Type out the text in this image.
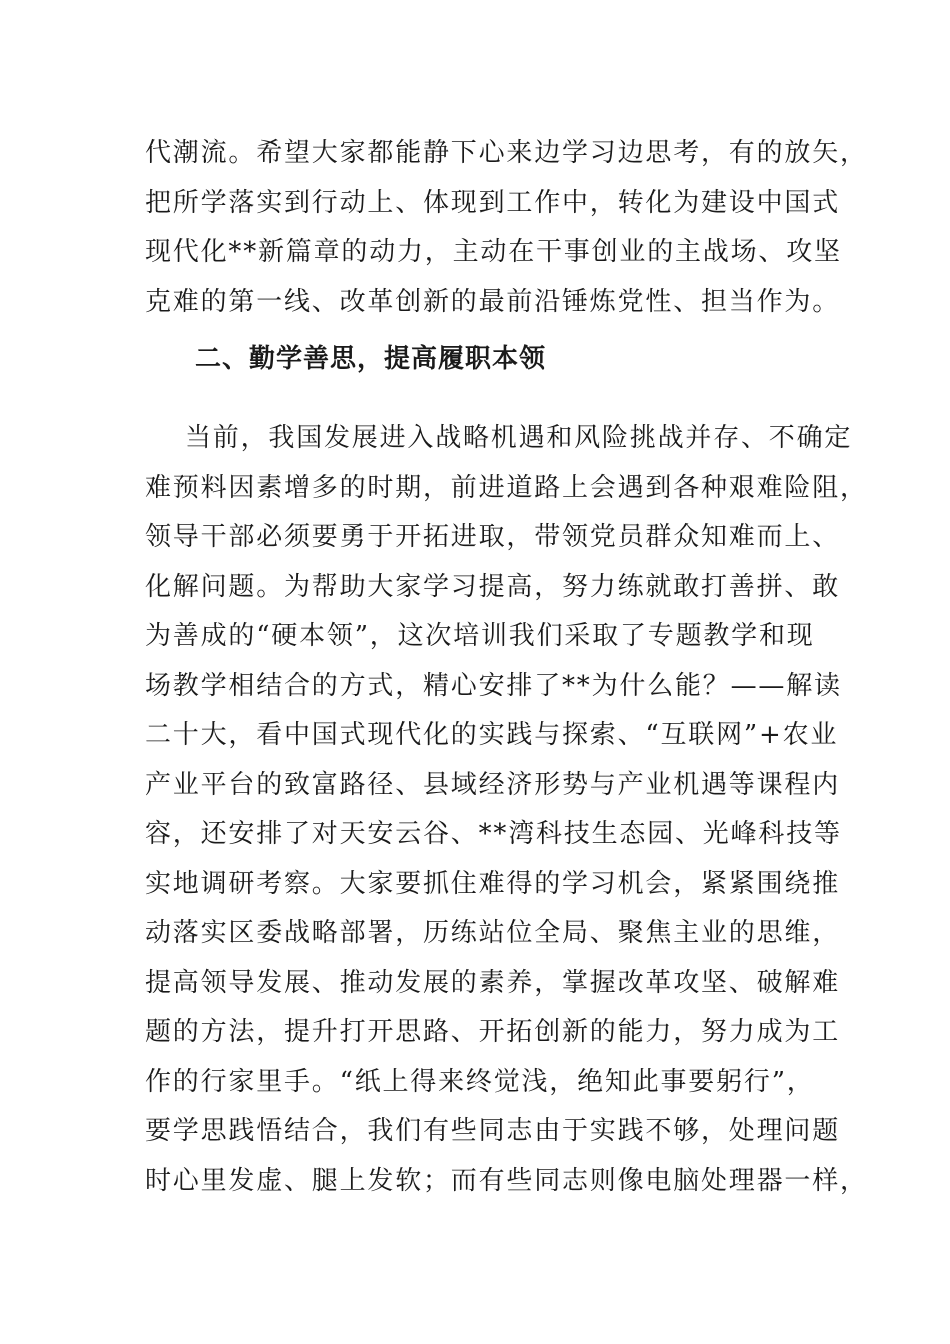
代潮流。希望大家都能静下心来边学习边思考，有的放矢，
把所学落实到行动上、体现到工作中，转化为建设中国式
现代化**新篇章的动力，主动在干事创业的主战场、攻坚
克难的第一线、改革创新的最前沿锤炼党性、担当作为。
二、勤学善思，提高履职本领
当前，我国发展进入战略机遇和风险挑战并存、不确定
难预料因素增多的时期，前进道路上会遇到各种艰难险阻，
领导干部必须要勇于开拓进取，带领党员群众知难而上、
化解问题。为帮助大家学习提高，努力练就敢打善拼、敢
为善成的“硬本领”，这次培训我们采取了专题教学和现
场教学相结合的方式，精心安排了**为什么能？——解读
二十大，看中国式现代化的实践与探索、“互联网”+农业
产业平台的致富路径、县域经济形势与产业机遇等课程内
容，还安排了对天安云谷、**湾科技生态园、光峰科技等
实地调研考察。大家要抓住难得的学习机会，紧紧围绕推
动落实区委战略部署，历练站位全局、聚焦主业的思维，
提高领导发展、推动发展的素养，掌握改革攻坚、破解难
题的方法，提升打开思路、开拓创新的能力，努力成为工
作的行家里手。“纸上得来终觉浅，绝知此事要躬行”，
要学思践悟结合，我们有些同志由于实践不够，处理问题
时心里发虚、腿上发软；而有些同志则像电脑处理器一样，
